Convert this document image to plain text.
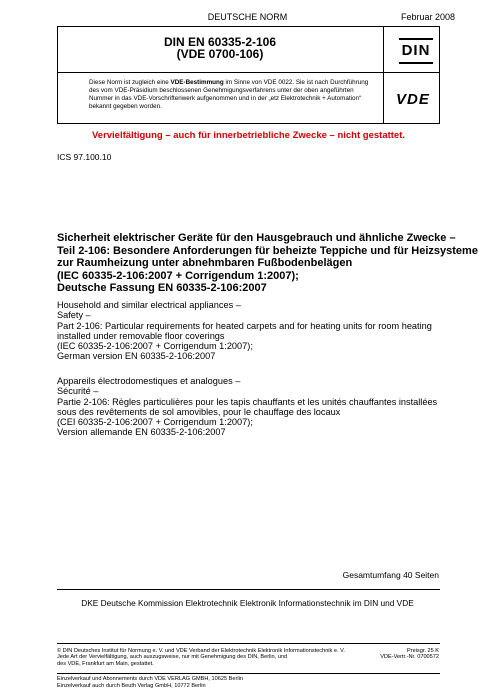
DEUTSCHE NORM	Februar 2008
DIN EN 60335-2-106
(VDE 0700-106)	DIN
Diese Norm ist zugleich eine VDE-Bestimmung im Sinne von VDE 0022. Sie ist nach Durchführung des vom VDE-Präsidium beschlossenen Genehmigungsverfahrens unter der oben angeführten Nummer in das VDE-Vorschriftenwerk aufgenommen und in der „etz Elektrotechnik + Automation“ bekannt gegeben worden.	VDE
Vervielfältigung – auch für innerbetriebliche Zwecke – nicht gestattet.
ICS 97.100.10
Sicherheit elektrischer Geräte für den Hausgebrauch und ähnliche Zwecke –
Teil 2-106: Besondere Anforderungen für beheizte Teppiche und für Heizsysteme
zur Raumheizung unter abnehmbaren Fußbodenbelägen
(IEC 60335-2-106:2007 + Corrigendum 1:2007);
Deutsche Fassung EN 60335-2-106:2007
Household and similar electrical appliances –
Safety –
Part 2-106: Particular requirements for heated carpets and for heating units for room heating
installed under removable floor coverings
(IEC 60335-2-106:2007 + Corrigendum 1:2007);
German version EN 60335-2-106:2007
Appareils électrodomestiques et analogues –
Sécurité –
Partie 2-106: Règles particulières pour les tapis chauffants et les unités chauffantes installées
sous des revêtements de sol amovibles, pour le chauffage des locaux
(CEI 60335-2-106:2007 + Corrigendum 1:2007);
Version allemande EN 60335-2-106:2007
Gesamtumfang 40 Seiten
DKE Deutsche Kommission Elektrotechnik Elektronik Informationstechnik im DIN und VDE
© DIN Deutsches Institut für Normung e. V. und VDE Verband der Elektrotechnik Elektronik Informationstechnik e. V.
Jede Art der Vervielfältigung, auch auszugsweise, nur mit Genehmigung des DIN, Berlin, und
des VDE, Frankfurt am Main, gestattet.
Preisgr. 25 K
VDE-Vertr.-Nr. 0700572
Einzelverkauf und Abonnements durch VDE VERLAG GMBH, 10625 Berlin
Einzelverkauf auch durch Beuth Verlag GmbH, 10772 Berlin
